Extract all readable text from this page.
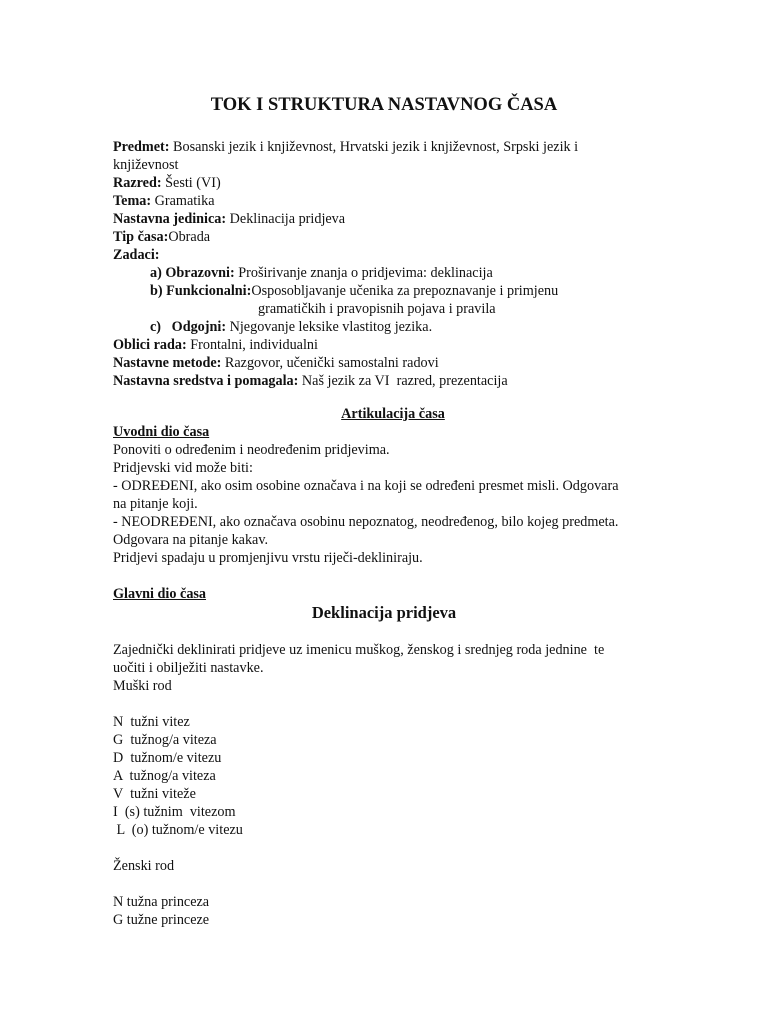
TOK I STRUKTURA NASTAVNOG ČASA
Predmet: Bosanski jezik i književnost, Hrvatski jezik i književnost, Srpski jezik i
književnost
Razred: Šesti (VI)
Tema: Gramatika
Nastavna jedinica: Deklinacija pridjeva
Tip časa:Obrada
Zadaci:
a) Obrazovni: Proširivanje znanja o pridjevima: deklinacija
b) Funkcionalni:Osposobljavanje učenika za prepoznavanje i primjenu
gramatičkih i pravopisnih pojava i pravila
c)   Odgojni: Njegovanje leksike vlastitog jezika.
Oblici rada: Frontalni, individualni
Nastavne metode: Razgovor, učenički samostalni radovi
Nastavna sredstva i pomagala: Naš jezik za VI  razred, prezentacija
Artikulacija časa
Uvodni dio časa
Ponoviti o određenim i neodređenim pridjevima.
Pridjevski vid može biti:
- ODREĐENI, ako osim osobine označava i na koji se određeni presmet misli. Odgovara
na pitanje koji.
- NEODREĐENI, ako označava osobinu nepoznatog, neodređenog, bilo kojeg predmeta.
Odgovara na pitanje kakav.
Pridjevi spadaju u promjenjivu vrstu riječi-dekliniraju.
Glavni dio časa
Deklinacija pridjeva
Zajednički deklinirati pridjeve uz imenicu muškog, ženskog i srednjeg roda jednine  te
uočiti i obilježiti nastavke.
Muški rod
N  tužni vitez
G  tužnog/a viteza
D  tužnom/e vitezu
A  tužnog/a viteza
V  tužni viteže
I  (s) tužnim  vitezom
L  (o) tužnom/e vitezu
Ženski rod
N tužna princeza
G tužne princeze
